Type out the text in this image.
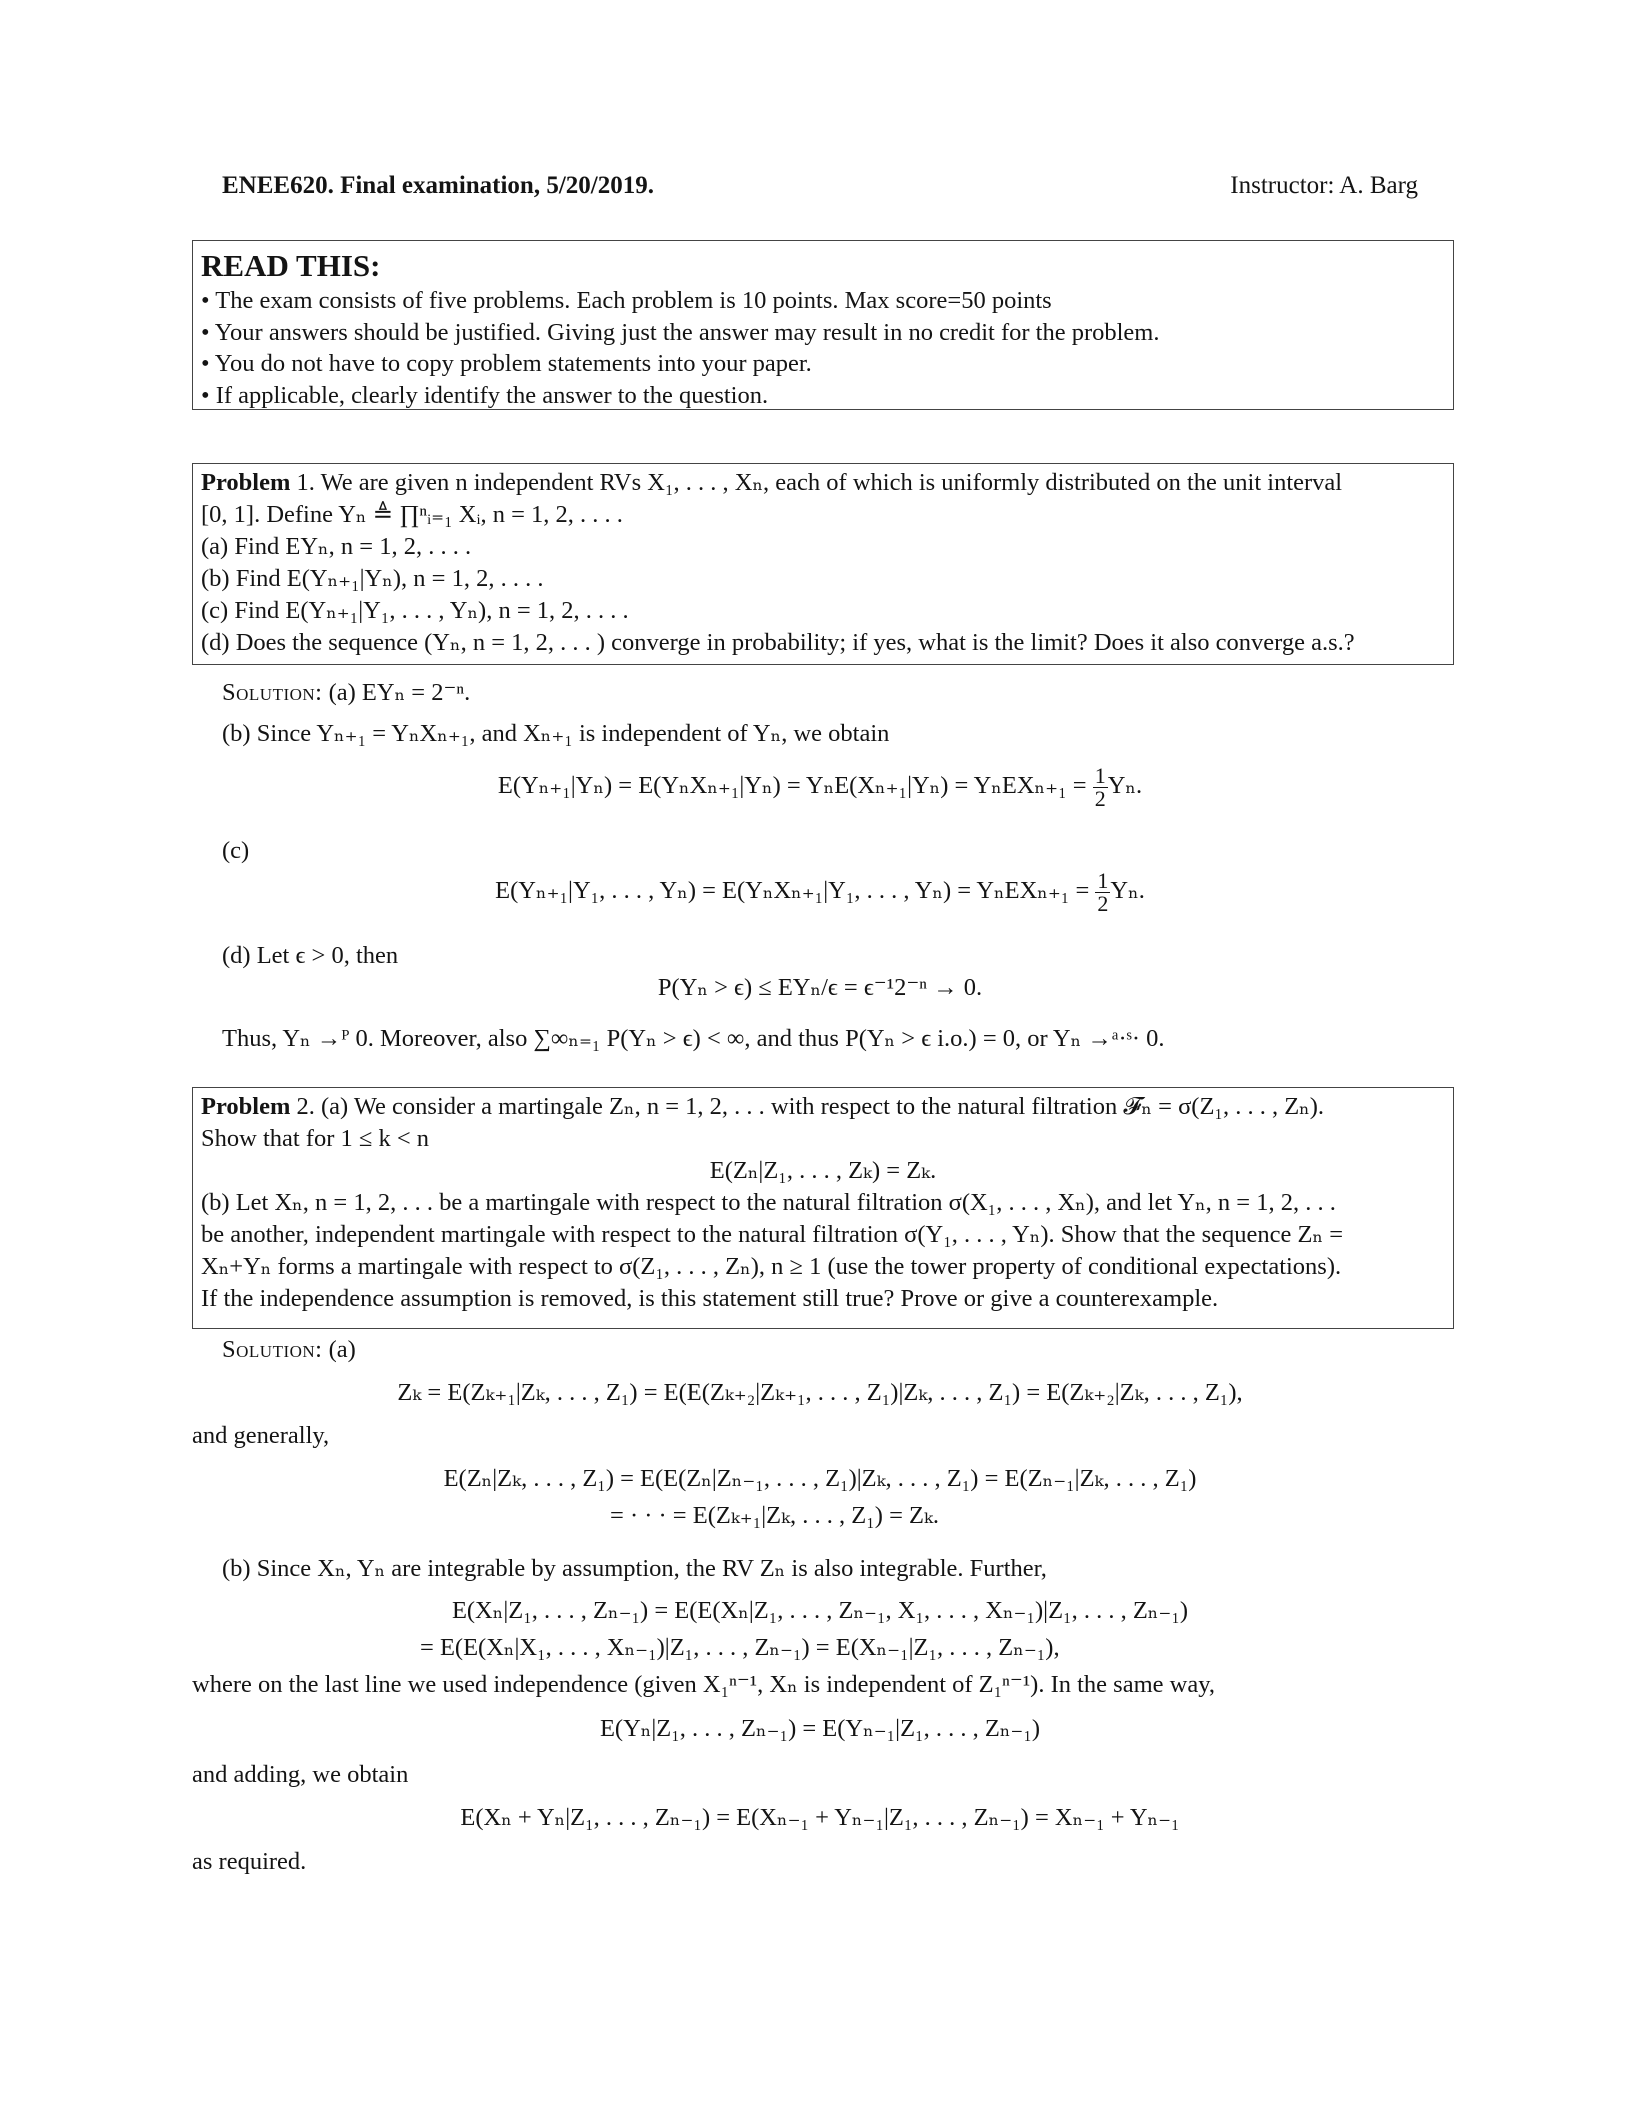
ENEE620. Final examination, 5/20/2019.	Instructor: A. Barg
READ THIS:
• The exam consists of five problems. Each problem is 10 points. Max score=50 points
• Your answers should be justified. Giving just the answer may result in no credit for the problem.
• You do not have to copy problem statements into your paper.
• If applicable, clearly identify the answer to the question.
Problem 1. We are given n independent RVs X₁, . . . , Xₙ, each of which is uniformly distributed on the unit interval
[0, 1]. Define Yₙ ≜ ∏ⁿᵢ₌₁ Xᵢ, n = 1, 2, . . . .
(a) Find EYₙ, n = 1, 2, . . . .
(b) Find E(Yₙ₊₁|Yₙ), n = 1, 2, . . . .
(c) Find E(Yₙ₊₁|Y₁, . . . , Yₙ), n = 1, 2, . . . .
(d) Does the sequence (Yₙ, n = 1, 2, . . . ) converge in probability; if yes, what is the limit? Does it also converge a.s.?
Solution: (a) EYₙ = 2⁻ⁿ.
(b) Since Yₙ₊₁ = YₙXₙ₊₁, and Xₙ₊₁ is independent of Yₙ, we obtain
$E(Y_{n+1}|Y_n) = E(Y_nX_{n+1}|Y_n) = Y_nE(X_{n+1}|Y_n) = Y_nEX_{n+1} = \frac{1}{2} Y_n$.
(c)
E(Yₙ₊₁|Y₁, . . . , Yₙ) = E(YₙXₙ₊₁|Y₁, . . . , $Y_n) = Y_nEX_{n+1} = \frac{1}{2} Y_n$.
(d) Let ϵ > 0, then
P(Yₙ > ϵ) ≤ EYₙ/ϵ = ϵ⁻¹2⁻ⁿ → 0.
Thus, Yₙ →ᴾ 0. Moreover, also ∑∞ₙ₌₁ P(Yₙ > ϵ) < ∞, and thus P(Yₙ > ϵ i.o.) = 0, or Yₙ →ᵃ·ˢ· 0.
Problem 2. (a) We consider a martingale Zₙ, n = 1, 2, . . . with respect to the natural filtration 𝓕ₙ = σ(Z₁, . . . , Zₙ).
Show that for 1 ≤ k < n
E(Zₙ|Z₁, . . . , Zₖ) = Zₖ.
(b) Let Xₙ, n = 1, 2, . . . be a martingale with respect to the natural filtration σ(X₁, . . . , Xₙ), and let Yₙ, n = 1, 2, . . .
be another, independent martingale with respect to the natural filtration σ(Y₁, . . . , Yₙ). Show that the sequence Zₙ =
Xₙ+Yₙ forms a martingale with respect to σ(Z₁, . . . , Zₙ), n ≥ 1 (use the tower property of conditional expectations).
If the independence assumption is removed, is this statement still true? Prove or give a counterexample.
Solution: (a)
Zₖ = E(Zₖ₊₁|Zₖ, . . . , Z₁) = E(E(Zₖ₊₂|Zₖ₊₁, . . . , Z₁)|Zₖ, . . . , Z₁) = E(Zₖ₊₂|Zₖ, . . . , Z₁),
and generally,
E(Zₙ|Zₖ, . . . , Z₁) = E(E(Zₙ|Zₙ₋₁, . . . , Z₁)|Zₖ, . . . , Z₁) = E(Zₙ₋₁|Zₖ, . . . , Z₁)
= · · · = E(Zₖ₊₁|Zₖ, . . . , Z₁) = Zₖ.
(b) Since Xₙ, Yₙ are integrable by assumption, the RV Zₙ is also integrable. Further,
E(Xₙ|Z₁, . . . , Zₙ₋₁) = E(E(Xₙ|Z₁, . . . , Zₙ₋₁, X₁, . . . , Xₙ₋₁)|Z₁, . . . , Zₙ₋₁)
= E(E(Xₙ|X₁, . . . , Xₙ₋₁)|Z₁, . . . , Zₙ₋₁) = E(Xₙ₋₁|Z₁, . . . , Zₙ₋₁),
where on the last line we used independence (given X₁ⁿ⁻¹, Xₙ is independent of Z₁ⁿ⁻¹). In the same way,
E(Yₙ|Z₁, . . . , Zₙ₋₁) = E(Yₙ₋₁|Z₁, . . . , Zₙ₋₁)
and adding, we obtain
E(Xₙ + Yₙ|Z₁, . . . , Zₙ₋₁) = E(Xₙ₋₁ + Yₙ₋₁|Z₁, . . . , Zₙ₋₁) = Xₙ₋₁ + Yₙ₋₁
as required.
